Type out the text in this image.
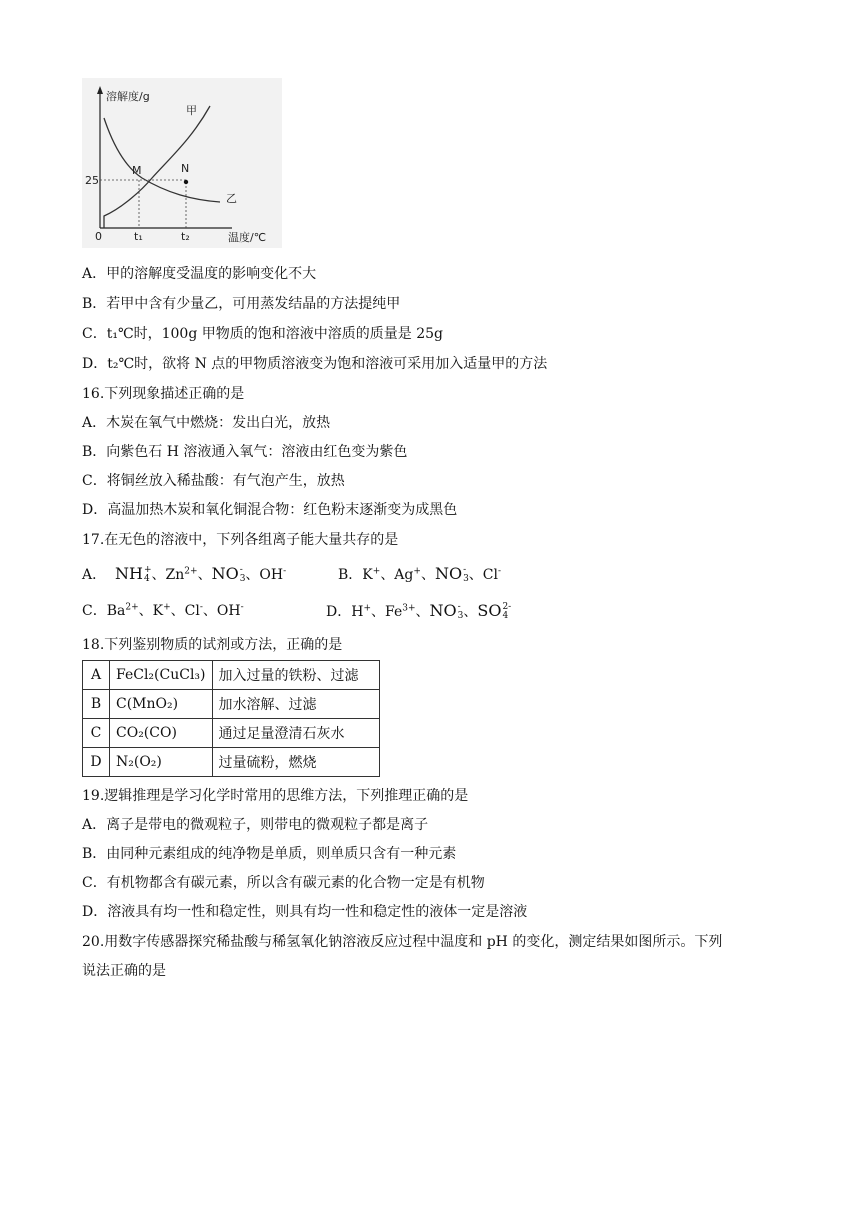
溶解度/g
甲
M	N
乙
25
0	t₁	t₂	温度/℃
A．甲的溶解度受温度的影响变化不大
B．若甲中含有少量乙，可用蒸发结晶的方法提纯甲
C．t₁℃时，100g 甲物质的饱和溶液中溶质的质量是 25g
D．t₂℃时，欲将 N 点的甲物质溶液变为饱和溶液可采用加入适量甲的方法
16.下列现象描述正确的是
A．木炭在氧气中燃烧：发出白光，放热
B．向紫色石 H 溶液通入氧气：溶液由红色变为紫色
C．将铜丝放入稀盐酸：有气泡产生，放热
D．高温加热木炭和氧化铜混合物：红色粉末逐渐变为成黑色
17.在无色的溶液中，下列各组离子能大量共存的是
A． NH +
4 、$Zn^{2+}$、NO -
3 、OH-	B．K+、Ag+、NO -
3 、Cl-
C．$Ba^{2+}$、K+、Cl-、OH-	D．H+、$Fe^{3+}$、NO -
3 、SO 2-
4
18.下列鉴别物质的试剂或方法，正确的是
A	FeCl₂(CuCl₃)	加入过量的铁粉、过滤
B	C(MnO₂)	加水溶解、过滤
C	CO₂(CO)	通过足量澄清石灰水
D	N₂(O₂)	过量硫粉，燃烧
19.逻辑推理是学习化学时常用的思维方法，下列推理正确的是
A．离子是带电的微观粒子，则带电的微观粒子都是离子
B．由同种元素组成的纯净物是单质，则单质只含有一种元素
C．有机物都含有碳元素，所以含有碳元素的化合物一定是有机物
D．溶液具有均一性和稳定性，则具有均一性和稳定性的液体一定是溶液
20.用数字传感器探究稀盐酸与稀氢氧化钠溶液反应过程中温度和 pH 的变化，测定结果如图所示。下列
说法正确的是
